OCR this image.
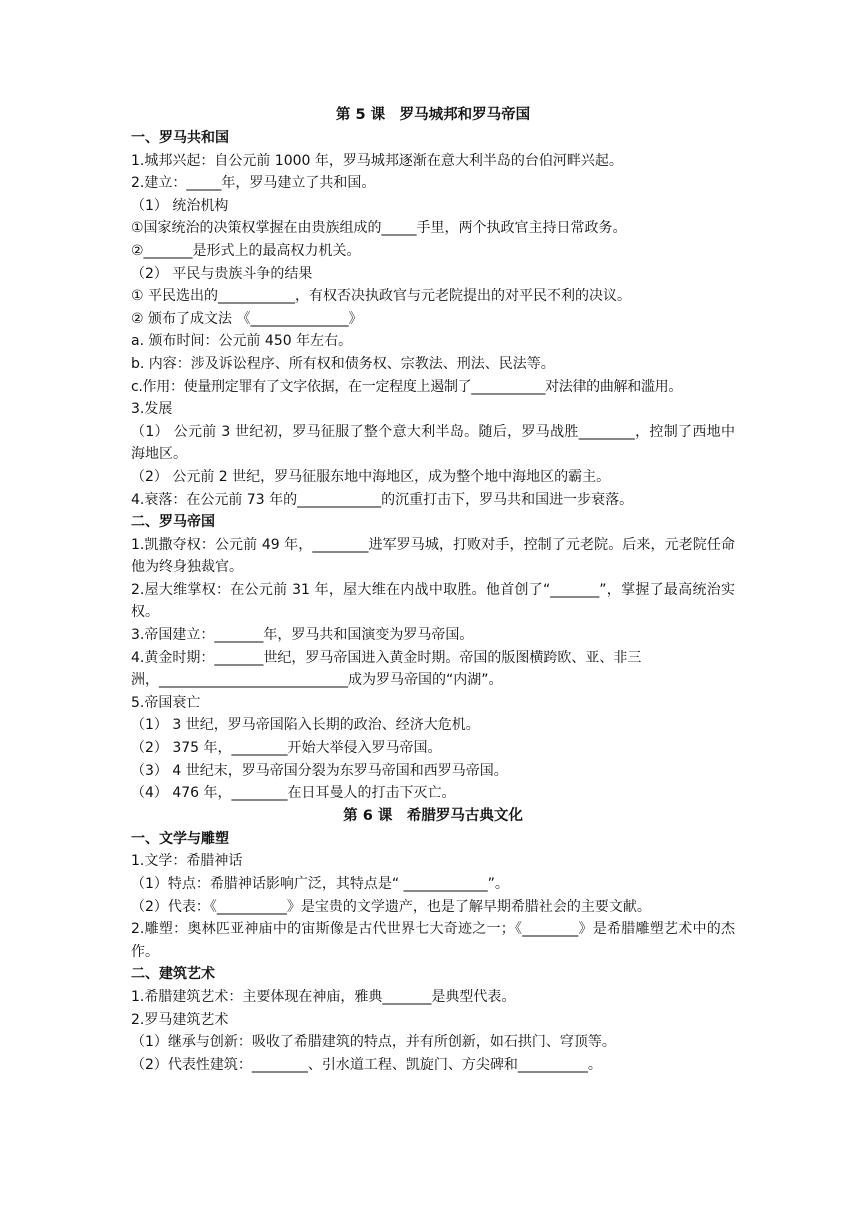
第 5 课　罗马城邦和罗马帝国
一、罗马共和国
1.城邦兴起：自公元前 1000 年，罗马城邦逐渐在意大利半岛的台伯河畔兴起。
2.建立：_____年，罗马建立了共和国。
（1） 统治机构
①国家统治的决策权掌握在由贵族组成的_____手里，两个执政官主持日常政务。
②_______是形式上的最高权力机关。
（2） 平民与贵族斗争的结果
① 平民选出的___________，有权否决执政官与元老院提出的对平民不利的决议。
② 颁布了成文法 《______________》
a. 颁布时间：公元前 450 年左右。
b. 内容：涉及诉讼程序、所有权和债务权、宗教法、刑法、民法等。
c.作用：使量刑定罪有了文字依据，在一定程度上遏制了___________对法律的曲解和滥用。
3.发展
（1） 公元前 3 世纪初，罗马征服了整个意大利半岛。随后，罗马战胜________，控制了西地中海地区。
（2） 公元前 2 世纪，罗马征服东地中海地区，成为整个地中海地区的霸主。
4.衰落：在公元前 73 年的____________的沉重打击下，罗马共和国进一步衰落。
二、罗马帝国
1.凯撒夺权：公元前 49 年，________进军罗马城，打败对手，控制了元老院。后来，元老院任命他为终身独裁官。
2.屋大维掌权：在公元前 31 年，屋大维在内战中取胜。他首创了“_______”，掌握了最高统治实权。
3.帝国建立：_______年，罗马共和国演变为罗马帝国。
4.黄金时期：_______世纪，罗马帝国进入黄金时期。帝国的版图横跨欧、亚、非三
洲，___________________________成为罗马帝国的“内湖”。
5.帝国衰亡
（1） 3 世纪，罗马帝国陷入长期的政治、经济大危机。
（2） 375 年，________开始大举侵入罗马帝国。
（3） 4 世纪末，罗马帝国分裂为东罗马帝国和西罗马帝国。
（4） 476 年，________在日耳曼人的打击下灭亡。
第 6 课　希腊罗马古典文化
一、文学与雕塑
1.文学：希腊神话
（1）特点：希腊神话影响广泛，其特点是“ ____________”。
（2）代表：《__________》是宝贵的文学遗产，也是了解早期希腊社会的主要文献。
2.雕塑：奥林匹亚神庙中的宙斯像是古代世界七大奇迹之一；《________》是希腊雕塑艺术中的杰作。
二、建筑艺术
1.希腊建筑艺术：主要体现在神庙，雅典_______是典型代表。
2.罗马建筑艺术
（1）继承与创新：吸收了希腊建筑的特点，并有所创新，如石拱门、穹顶等。
（2）代表性建筑：________、引水道工程、凯旋门、方尖碑和__________。
